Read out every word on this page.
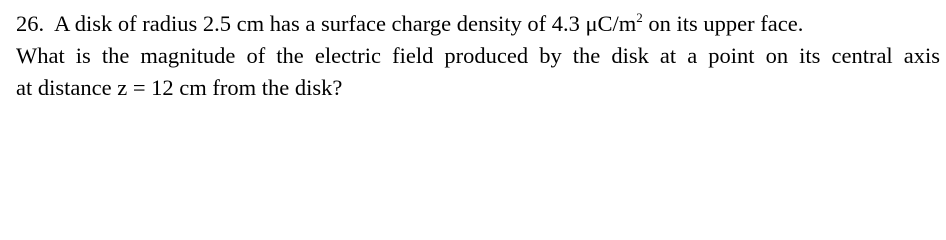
26. A disk of radius 2.5 cm has a surface charge density of 4.3 $\mu C/m^2$ on its upper face.
What is the magnitude of the electric field produced by the disk at a point on its central axis
at distance z = 12 cm from the disk?
